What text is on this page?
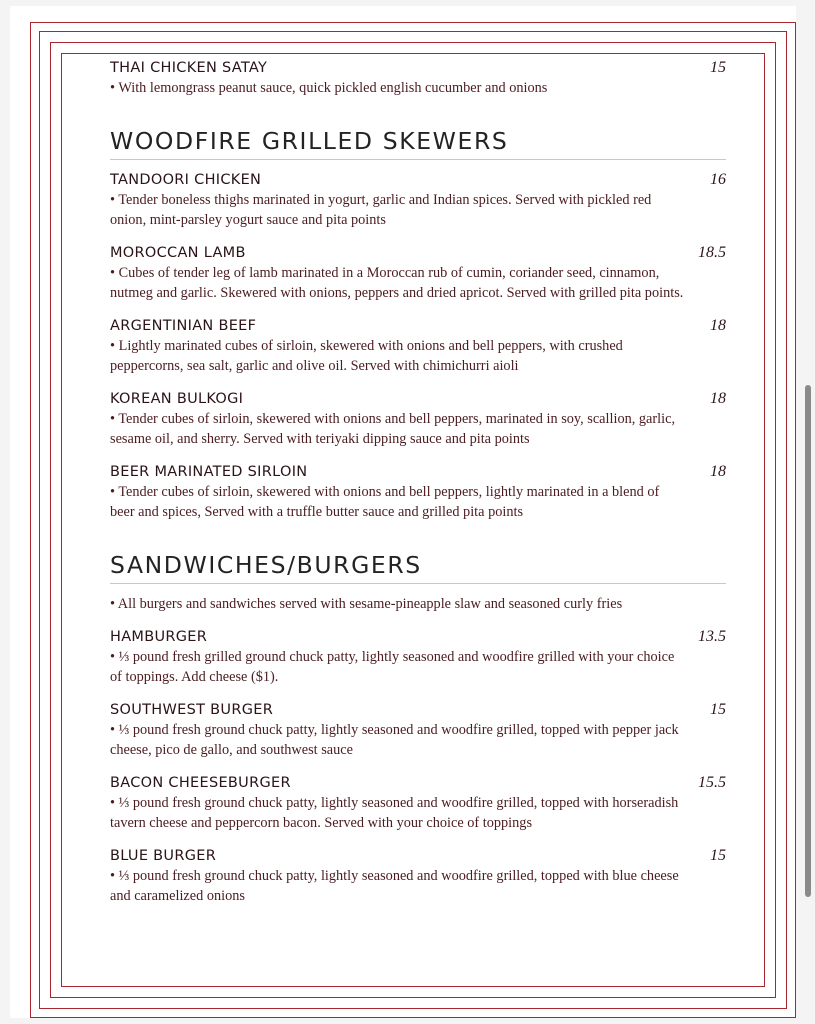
THAI CHICKEN SATAY	15
• With lemongrass peanut sauce, quick pickled english cucumber and onions
WOODFIRE GRILLED SKEWERS
TANDOORI CHICKEN	16
• Tender boneless thighs marinated in yogurt, garlic and Indian spices. Served with pickled red onion, mint-parsley yogurt sauce and pita points
MOROCCAN LAMB	18.5
• Cubes of tender leg of lamb marinated in a Moroccan rub of cumin, coriander seed, cinnamon, nutmeg and garlic. Skewered with onions, peppers and dried apricot. Served with grilled pita points.
ARGENTINIAN BEEF	18
• Lightly marinated cubes of sirloin, skewered with onions and bell peppers, with crushed peppercorns, sea salt, garlic and olive oil. Served with chimichurri aioli
KOREAN BULKOGI	18
• Tender cubes of sirloin, skewered with onions and bell peppers, marinated in soy, scallion, garlic, sesame oil, and sherry. Served with teriyaki dipping sauce and pita points
BEER MARINATED SIRLOIN	18
• Tender cubes of sirloin, skewered with onions and bell peppers, lightly marinated in a blend of beer and spices, Served with a truffle butter sauce and grilled pita points
SANDWICHES/BURGERS
• All burgers and sandwiches served with sesame-pineapple slaw and seasoned curly fries
HAMBURGER	13.5
• ⅓ pound fresh grilled ground chuck patty, lightly seasoned and woodfire grilled with your choice of toppings. Add cheese ($1).
SOUTHWEST BURGER	15
• ⅓ pound fresh ground chuck patty, lightly seasoned and woodfire grilled, topped with pepper jack cheese, pico de gallo, and southwest sauce
BACON CHEESEBURGER	15.5
• ⅓ pound fresh ground chuck patty, lightly seasoned and woodfire grilled, topped with horseradish tavern cheese and peppercorn bacon. Served with your choice of toppings
BLUE BURGER	15
• ⅓ pound fresh ground chuck patty, lightly seasoned and woodfire grilled, topped with blue cheese and caramelized onions
